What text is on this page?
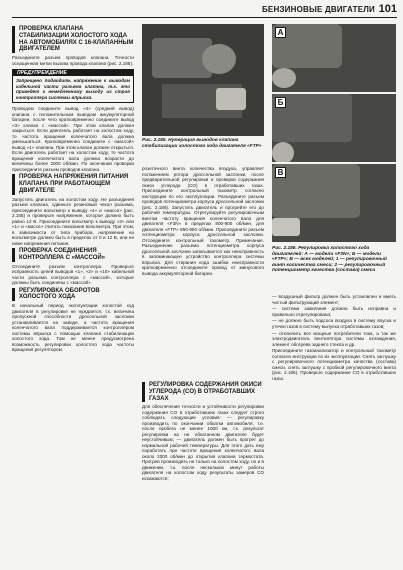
БЕНЗИНОВЫЕ ДВИГАТЕЛИ 101
ПРОВЕРКА КЛАПАНА СТАБИЛИЗАЦИИ ХОЛОСТОГО ХОДА НА АВТОМОБИЛЯХ С 16-КЛАПАННЫМ ДВИГАТЕЛЕМ
Разъедините разъем проводов клапана. Точности оснащенная метки вызова провода клапана (рис. 2.185).
ПРЕДУПРЕЖДЕНИЕ
Запрещено подводить напряжение к выводам кабельной части разъема клапана, т.к. это приведет к немедленному выходу из строя контроллера системы впрыска.
Проводом соедините вывод «4» (средний вывод) клапана с положительным выводом аккумуляторной батареи, после чего кратковременно соедините вывод «3» клапан с «массой». При этом клапан должен закрыться. Если двигатель работает на холостом ходу, то частота вращения коленчатого вала должна уменьшиться. Кратковременно соедините с «массой» вывод «1» клапана. При этом клапан должен открыться. Если двигатель работает на холостом ходу, то частота вращения коленчатого вала должна возрасти до величины более 2000 об/мин. По окончании проверки присоедините разъем проводов клапана.
ПРОВЕРКА НАПРЯЖЕНИЯ ПИТАНИЯ КЛАПАНА ПРИ РАБОТАЮЩЕМ ДВИГАТЕЛЕ
Запустить двигатель на холостом ходу. Не разъединяя разъем клапана, сдвиньте резиновый чехол разъема, присоедините вольтметр к выводу «4» и «массе» (рис. 2.185) и проверьте напряжение, которое должно быть равно 12 В. Присоедините вольтметр к выводу «3» или «1» и «массе» считать показания вольтметра. При этом, в зависимости от типа прибора, напряжение на вольтметре должно быть в пределах от 0 и 12 В, или не ниже напряжения питания.
ПРОВЕРКА СОЕДИНЕНИЯ КОНТРОЛЛЕРА С «МАССОЙ»
Отсоедините разъем контроллера. Проверьте исправность цепей выводов «1», «2» и «10» кабельной части разъема контроллера с «массой», которые должны быть соединены с «массой».
РЕГУЛИРОВКА ОБОРОТОВ ХОЛОСТОГО ХОДА
В начальный период эксплуатации холостой ход двигателя в регулировке не нуждается, т.к. величина пропускной способности дроссельной заслонки устанавливается на заводе, а частота вращения коленчатого вала поддерживается контроллером системы впрыска с помощью клапана стабилизации холостого хода. Там не менее предусмотрена возможность регулировки холостого хода частоты вращения регулятором.
Рис. 2.185. Нумерация выводов клапана стабилизации холостого хода двигателя «FTP»
розеточного винта количества воздуха, управляет положением ротора дроссельной заслонки, после предварительной регулировки и проверки содержания окиси углерода (CO) в отработавших газах. Присоедините контрольный тахометр согласно инструкции по его эксплуатации. Разъедините разъем проводов потенциометра корпуса дроссельной заслонки (рис. 2.186). Запустить двигатель и прогрейте его до рабочей температуры. Отрегулируйте регулировочным винтом частоту вращения коленчатого вала для двигателя «F3N» в пределах 800-900 об/мин, для двигателя «FTP» 850-950 об/мин. Присоедините разъем потенциометра корпуса дроссельной заслонки. Отсоедините контрольный тахометр. Примечание. Разъединение разъема потенциометра корпуса дроссельной заслонки записывается как неисправность в запоминающее устройство контроллера системы впрыска. Для стирания кода ошибки неисправности кратковременно отсоедините провод от минусового вывода аккумуляторной батареи.
РЕГУЛИРОВКА СОДЕРЖАНИЯ ОКИСИ УГЛЕРОДА (CO) В ОТРАБОТАВШИХ ГАЗАХ
Для обеспечения точности и устойчивости регулировки содержания CO в отработавших газах следует строго соблюдать следующие условия: — регулировку производить по окончании обкатки автомобиля, т.е. после пробега не менее 1000 км, т.к. результат регулировки на не обкатанном двигателе будет неустойчивым; — двигатель должен быть прогрет до нормальной рабочей температуры. Для этого дать ему поработать при частоте вращения коленчатого вала около 2000 об/мин до открытия клапана термостата. Прогрев производить не только на холостом ходу, но и в движении, т.к. после нескольких минут работы двигателя на холостом ходу результаты замеров CO искажаются;
А
Б
В
Рис. 2.186. Регулировка холостого хода двигателей: А — модели «F3N»; Б — модели «FTP»; В — всех моделей; 1 — регулировочный винт количества смеси; 2 — регулировочный потенциометр качества (состава) смеси
— воздушный фильтр должен быть установлен и иметь чистый фильтрующий элемент;
— система зажигания должна быть исправна и правильно отрегулирована;
— не должно быть подсоса воздуха в систему впуска и утечки газов в систему выпуска отработавших газов;
— отключить все мощные потребители тока, а так же электродвигатель вентилятора системы охлаждения, элемент обогрева заднего стекла и др.
Присоедините газоанализатор и контрольный тахометр согласно инструкции по их эксплуатации. Снять заглушку с регулировочного потенциометра качества (состава) смеси, снять заглушку с пробкой регулировочного винта (рис. 2.186). Проверьте содержание CO в отработавших газах.
